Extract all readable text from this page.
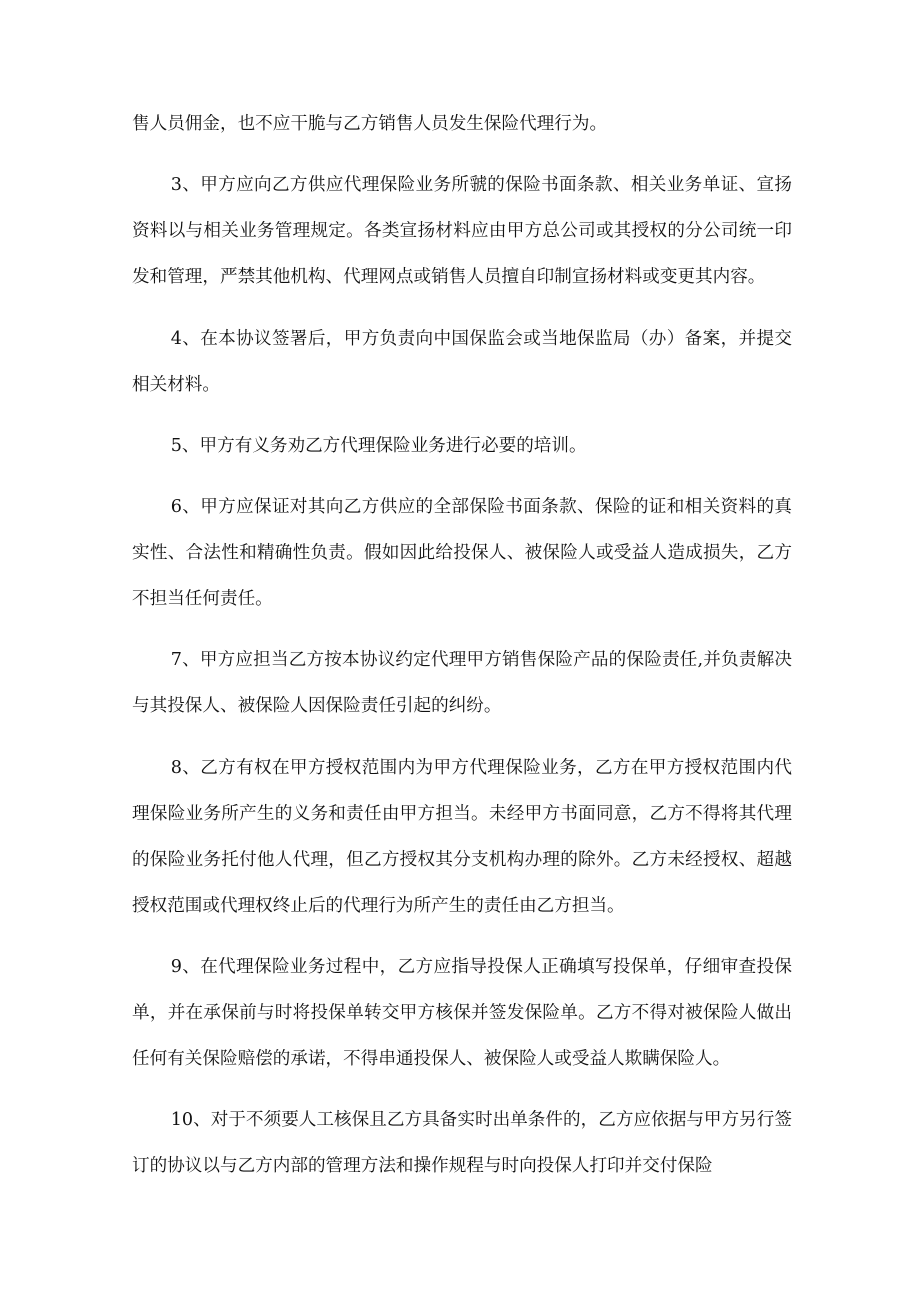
售人员佣金，也不应干脆与乙方销售人员发生保险代理行为。

3、甲方应向乙方供应代理保险业务所虢的保险书面条款、相关业务单证、宣扬资料以与相关业务管理规定。各类宣扬材料应由甲方总公司或其授权的分公司统一印发和管理，严禁其他机构、代理网点或销售人员擅自印制宣扬材料或变更其内容。

4、在本协议签署后，甲方负责向中国保监会或当地保监局（办）备案，并提交相关材料。

5、甲方有义务劝乙方代理保险业务进行必要的培训。

6、甲方应保证对其向乙方供应的全部保险书面条款、保险的证和相关资料的真实性、合法性和精确性负责。假如因此给投保人、被保险人或受益人造成损失，乙方不担当任何责任。

7、甲方应担当乙方按本协议约定代理甲方销售保险产品的保险责任,并负责解决与其投保人、被保险人因保险责任引起的纠纷。

8、乙方有权在甲方授权范围内为甲方代理保险业务，乙方在甲方授权范围内代理保险业务所产生的义务和责任由甲方担当。未经甲方书面同意，乙方不得将其代理的保险业务托付他人代理，但乙方授权其分支机构办理的除外。乙方未经授权、超越授权范围或代理权终止后的代理行为所产生的责任由乙方担当。

9、在代理保险业务过程中，乙方应指导投保人正确填写投保单，仔细审查投保单，并在承保前与时将投保单转交甲方核保并签发保险单。乙方不得对被保险人做出任何有关保险赔偿的承诺，不得串通投保人、被保险人或受益人欺瞒保险人。

10、对于不须要人工核保且乙方具备实时出单条件的，乙方应依据与甲方另行签订的协议以与乙方内部的管理方法和操作规程与时向投保人打印并交付保险
